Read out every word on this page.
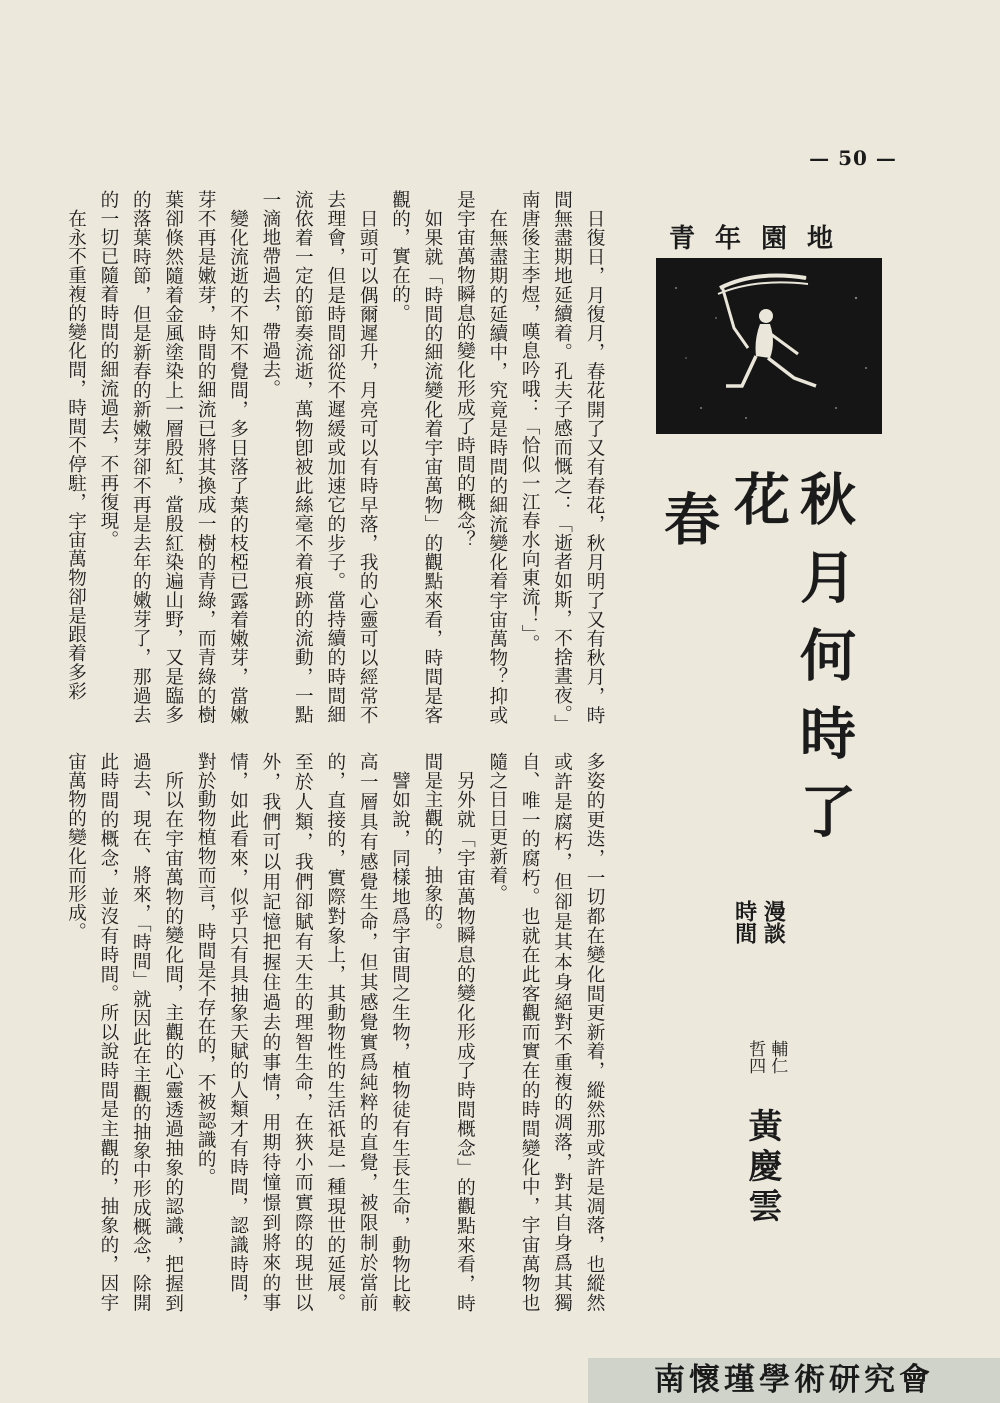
— 50 —
青年園地
秋月何時了
花
春
漫談
時間
輔仁
哲四
黃慶雲

日復日，月復月，春花開了又有春花，秋月明了又有秋月，時間無盡期地延續着。孔夫子感而慨之：「逝者如斯，不捨晝夜。」南唐後主李煜，嘆息吟哦：「恰似一江春水向東流！」。

在無盡期的延續中，究竟是時間的細流變化着宇宙萬物？抑或是宇宙萬物瞬息的變化形成了時間的概念？

如果就「時間的細流變化着宇宙萬物」的觀點來看，時間是客觀的，實在的。

日頭可以偶爾遲升，月亮可以有時早落，我的心靈可以經常不去理會，但是時間卻從不遲緩或加速它的步子。當持續的時間細流依着一定的節奏流逝，萬物卽被此絲毫不着痕跡的流動，一點一滴地帶過去，帶過去。

變化流逝的不知不覺間，多日落了葉的枝椏已露着嫩芽，當嫩芽不再是嫩芽，時間的細流已將其換成一樹的青綠，而青綠的樹葉卻倏然隨着金風塗染上一層殷紅，當殷紅染遍山野，又是臨多的落葉時節，但是新春的新嫩芽卻不再是去年的嫩芽了，那過去的一切已隨着時間的細流過去，不再復現。

在永不重複的變化間，時間不停駐，宇宙萬物卻是跟着多彩

多姿的更迭，一切都在變化間更新着，縱然那或許是凋落，也縱然或許是腐朽，但卻是其本身絕對不重複的凋落，對其自身爲其獨自、唯一的腐朽。也就在此客觀而實在的時間變化中，宇宙萬物也隨之日日更新着。

另外就「宇宙萬物瞬息的變化形成了時間概念」的觀點來看，時間是主觀的，抽象的。

譬如說，同樣地爲宇宙間之生物，植物徒有生長生命，動物比較高一層具有感覺生命，但其感覺實爲純粹的直覺，被限制於當前的，直接的，實際對象上，其動物性的生活祇是一種現世的延展。至於人類，我們卻賦有天生的理智生命，在狹小而實際的現世以外，我們可以用記憶把握住過去的事情，用期待憧憬到將來的事情，如此看來，似乎只有具抽象天賦的人類才有時間，認識時間，對於動物植物而言，時間是不存在的，不被認識的。

所以在宇宙萬物的變化間，主觀的心靈透過抽象的認識，把握到過去、現在、將來，「時間」就因此在主觀的抽象中形成概念，除開此時間的概念，並沒有時間。所以說時間是主觀的，抽象的，因宇宙萬物的變化而形成。

南懷瑾學術研究會
